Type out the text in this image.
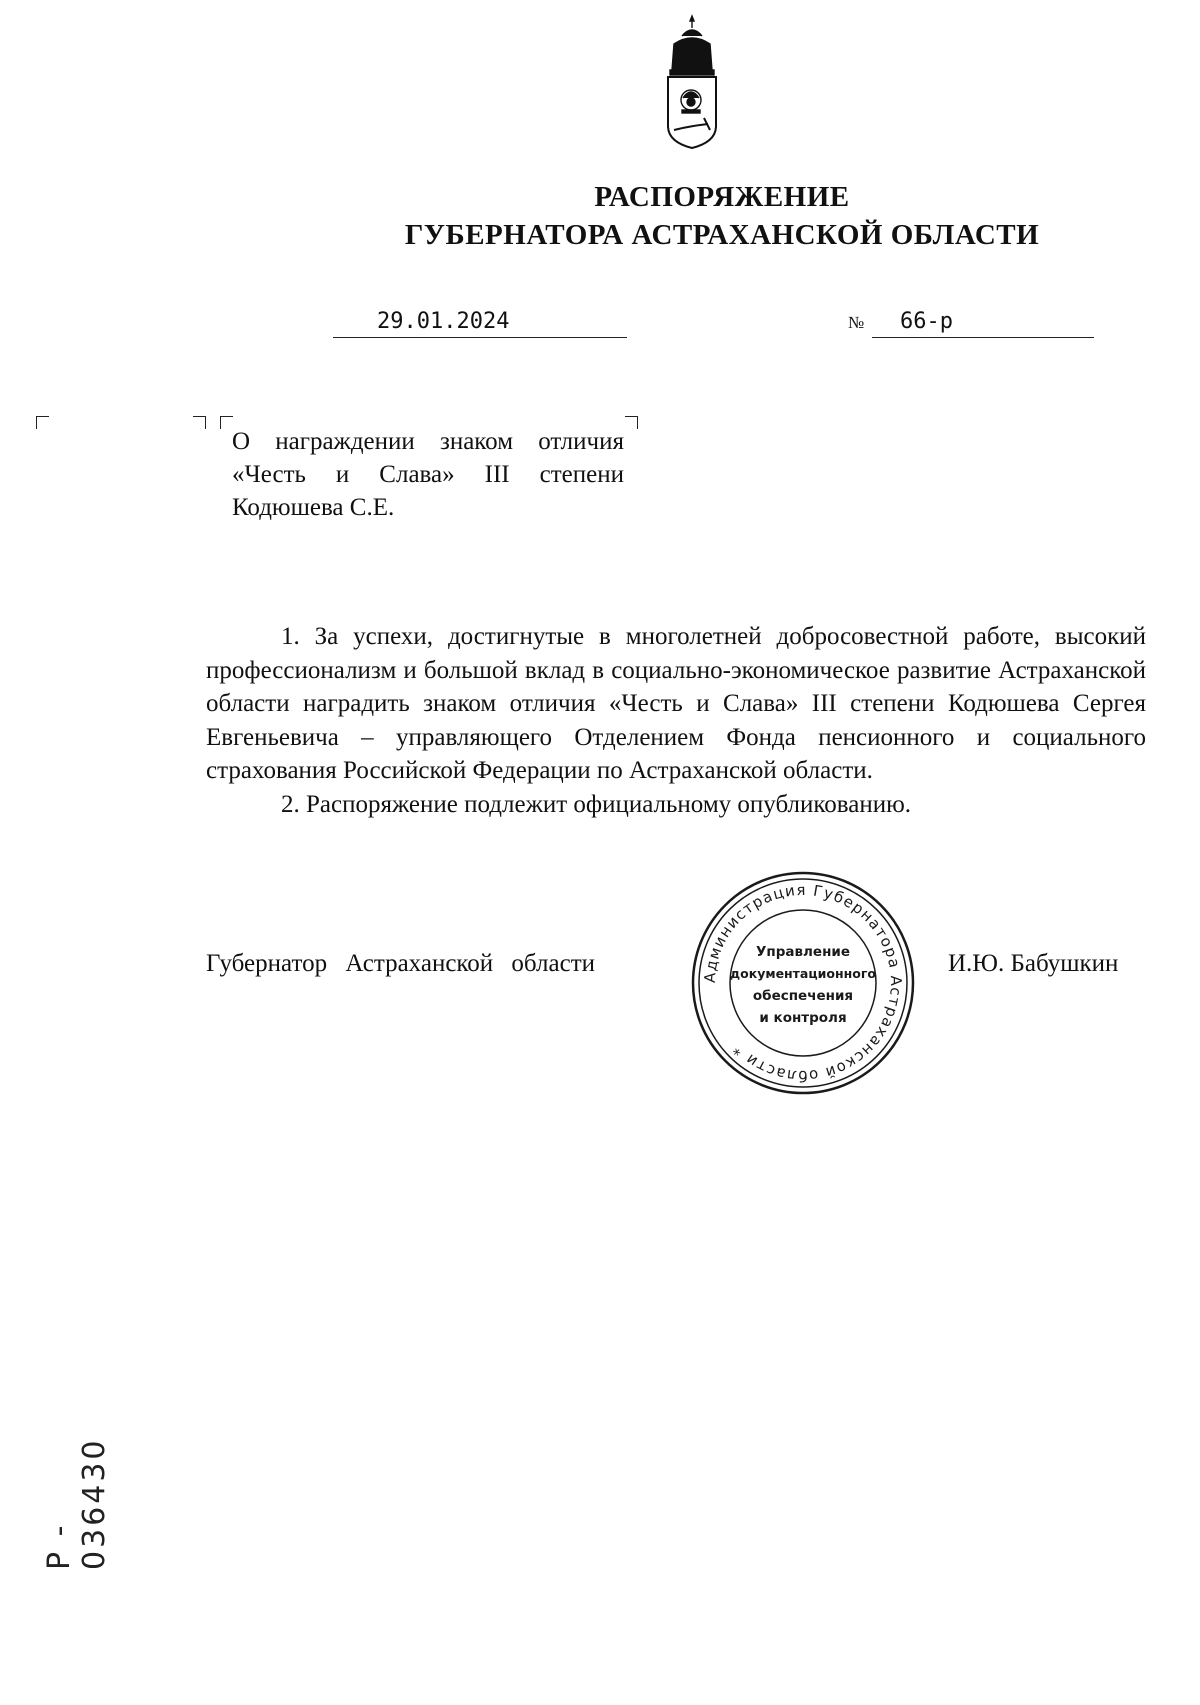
РАСПОРЯЖЕНИЕ
ГУБЕРНАТОРА АСТРАХАНСКОЙ ОБЛАСТИ
29.01.2024	№ 66-р
О награждении знаком отличия
«Честь и Слава» III степени
Кодюшева С.Е.

1. За успехи, достигнутые в многолетней добросовестной работе, высокий профессионализм и большой вклад в социально-экономическое развитие Астраханской области наградить знаком отличия «Честь и Слава» III степени Кодюшева Сергея Евгеньевича – управляющего Отделением Фонда пенсионного и социального страхования Российской Федерации по Астраханской области.

2. Распоряжение подлежит официальному опубликованию.

Губернатор Астраханской области	И.Ю. Бабушкин
Администрация Губернатора Астраханской области *
Управление
документационного
обеспечения
и контроля
Р - 036430
